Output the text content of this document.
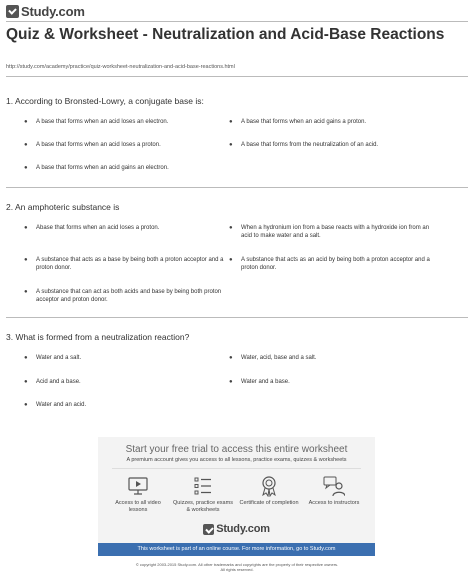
Study.com
Quiz & Worksheet - Neutralization and Acid-Base Reactions
http://study.com/academy/practice/quiz-worksheet-neutralization-and-acid-base-reactions.html
1. According to Bronsted-Lowry, a conjugate base is:
● A base that forms when an acid loses an electron.	● A base that forms when an acid gains a proton.
● A base that forms when an acid loses a proton.	● A base that forms from the neutralization of an acid.
● A base that forms when an acid gains an electron.
2. An amphoteric substance is
● Abase that forms when an acid loses a proton.	● When a hydronium ion from a base reacts with a hydroxide ion from an acid to make water and a salt.
● A substance that acts as a base by being both a proton acceptor and a proton donor.
● A substance that acts as an acid by being both a proton acceptor and a proton donor.
● A substance that can act as both acids and base by being both proton acceptor and proton donor.
3. What is formed from a neutralization reaction?
● Water and a salt.	● Water, acid, base and a salt.
● Acid and a base.	● Water and a base.
● Water and an acid.
Start your free trial to access this entire worksheet
A premium account gives you access to all lessons, practice exams, quizzes & worksheets
Access to all video lessons
Quizzes, practice exams & worksheets
Certificate of completion	Access to instructors
Study.com
This worksheet is part of an online course. For more information, go to Study.com
© copyright 2003-2015 Study.com. All other trademarks and copyrights are the property of their respective owners.
All rights reserved.
